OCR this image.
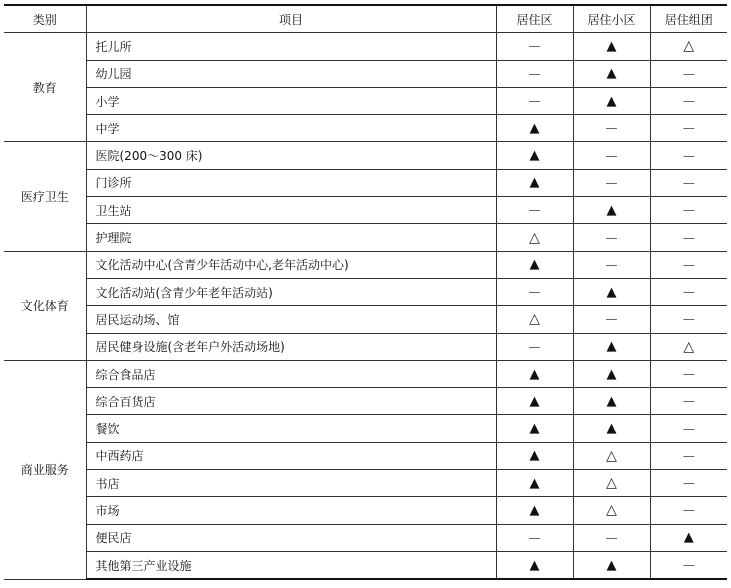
类别	项目	居住区	居住小区	居住组团
教育	托儿所	—	▲	△
	幼儿园	—	▲	—
	小学	—	▲	—
	中学	▲	—	—
医疗卫生	医院(200～300 床)	▲	—	—
	门诊所	▲	—	—
	卫生站	—	▲	—
	护理院	△	—	—
文化体育	文化活动中心(含青少年活动中心,老年活动中心)	▲	—	—
	文化活动站(含青少年老年活动站)	—	▲	—
	居民运动场、馆	△	—	—
	居民健身设施(含老年户外活动场地)	—	▲	△
商业服务	综合食品店	▲	▲	—
	综合百货店	▲	▲	—
	餐饮	▲	▲	—
	中西药店	▲	△	—
	书店	▲	△	—
	市场	▲	△	—
	便民店	—	—	▲
	其他第三产业设施	▲	▲	—
